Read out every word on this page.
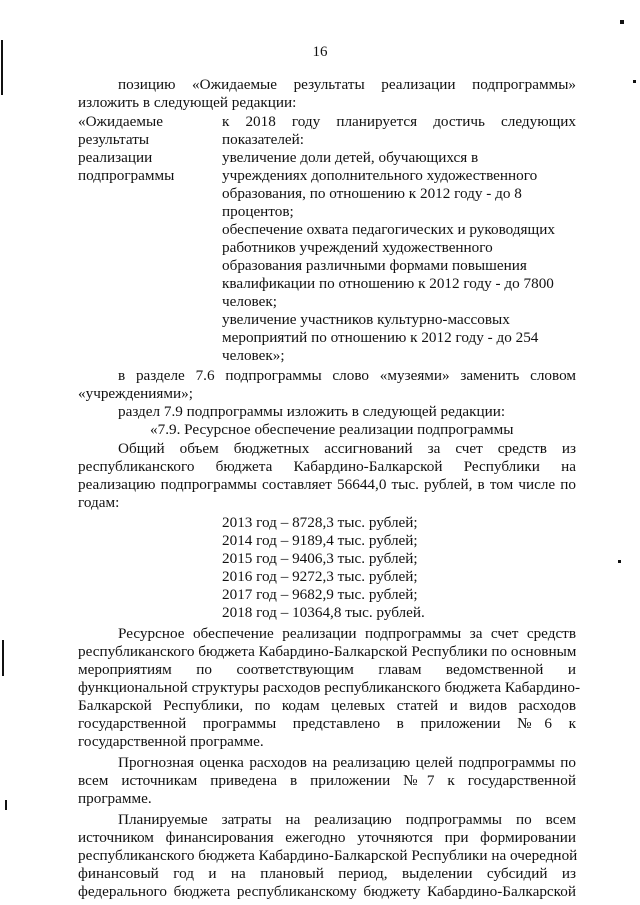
16
позицию «Ожидаемые результаты реализации подпрограммы»
изложить в следующей редакции:
«Ожидаемые
результаты
реализации
подпрограммы
к 2018 году планируется достичь следующих
показателей:
увеличение доли детей, обучающихся в
учреждениях дополнительного художественного
образования, по отношению к 2012 году - до 8
процентов;
обеспечение охвата педагогических и руководящих
работников учреждений художественного
образования различными формами повышения
квалификации по отношению к 2012 году - до 7800
человек;
увеличение участников культурно-массовых
мероприятий по отношению к 2012 году - до 254
человек»;
в разделе 7.6 подпрограммы слово «музеями» заменить словом
«учреждениями»;
раздел 7.9 подпрограммы изложить в следующей редакции:
«7.9. Ресурсное обеспечение реализации подпрограммы
Общий объем бюджетных ассигнований за счет средств из
республиканского бюджета Кабардино-Балкарской Республики на
реализацию подпрограммы составляет 56644,0 тыс. рублей, в том числе по
годам:
2013 год – 8728,3 тыс. рублей;
2014 год – 9189,4 тыс. рублей;
2015 год – 9406,3 тыс. рублей;
2016 год – 9272,3 тыс. рублей;
2017 год – 9682,9 тыс. рублей;
2018 год – 10364,8 тыс. рублей.
Ресурсное обеспечение реализации подпрограммы за счет средств
республиканского бюджета Кабардино-Балкарской Республики по основным
мероприятиям по соответствующим главам ведомственной и
функциональной структуры расходов республиканского бюджета Кабардино-
Балкарской Республики, по кодам целевых статей и видов расходов
государственной программы представлено в приложении №6 к
государственной программе.
Прогнозная оценка расходов на реализацию целей подпрограммы по
всем источникам приведена в приложении №7 к государственной
программе.
Планируемые затраты на реализацию подпрограммы по всем
источником финансирования ежегодно уточняются при формировании
республиканского бюджета Кабардино-Балкарской Республики на очередной
финансовый год и на плановый период, выделении субсидий из
федерального бюджета республиканскому бюджету Кабардино-Балкарской
